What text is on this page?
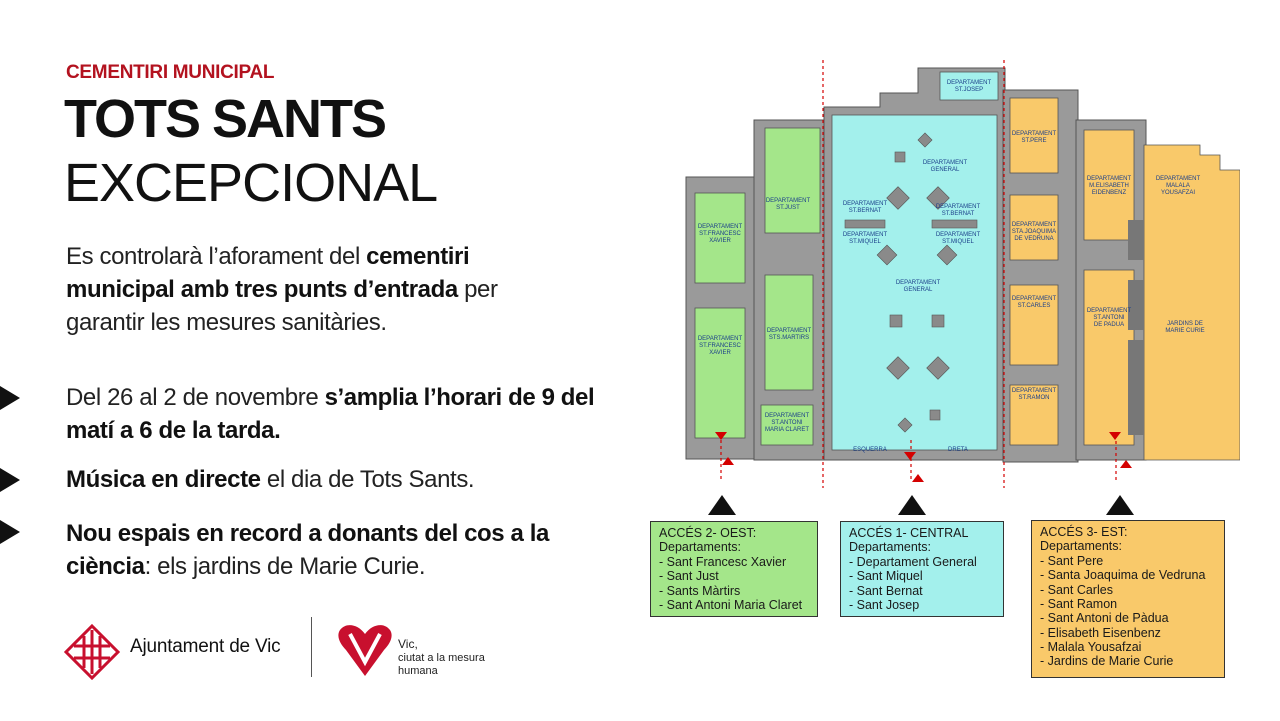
CEMENTIRI MUNICIPAL
TOTS SANTS
EXCEPCIONAL
Es controlarà l’aforament del cementiri municipal amb tres punts d’entrada per garantir les mesures sanitàries.
Del 26 al 2 de novembre s’amplia l’horari de 9 del matí a 6 de la tarda.
Música en directe el dia de Tots Sants.
Nou espais en record a donants del cos a la ciència: els jardins de Marie Curie.
DEPARTAMENT ST.JOSEP
DEPARTAMENT ST.PERE
DEPARTAMENT GENERAL
DEPARTAMENT GENERAL
DEPARTAMENT ST.JUST
DEPARTAMENT ST.BERNAT
DEPARTAMENT ST.BERNAT
DEPARTAMENT ST.MIQUEL
DEPARTAMENT ST.MIQUEL
DEPARTAMENT ST.FRANCESC XAVIER
DEPARTAMENT ST.FRANCESC XAVIER
DEPARTAMENT STS.MARTIRS
DEPARTAMENT ST.ANTONI MARIA CLARET
DEPARTAMENT STA.JOAQUIMA DE VEDRUNA
DEPARTAMENT ST.CARLES
DEPARTAMENT ST.RAMON
DEPARTAMENT M.ELISABETH EIDENBENZ
DEPARTAMENT MALALA YOUSAFZAI
DEPARTAMENT ST.ANTONI DE PADUA	JARDINS DE MARIE CURIE
ESQUERRA	DRETA
ACCÉS 2- OEST:
Departaments:
- Sant Francesc Xavier
- Sant Just
- Sants Màrtirs
- Sant Antoni Maria Claret
ACCÉS 1- CENTRAL
Departaments:
- Departament General
- Sant Miquel
- Sant Bernat
- Sant Josep
ACCÉS 3- EST:
Departaments:
- Sant Pere
- Santa Joaquima de Vedruna
- Sant Carles
- Sant Ramon
- Sant Antoni de Pàdua
- Elisabeth Eisenbenz
- Malala Yousafzai
- Jardins de Marie Curie
Ajuntament de Vic	Vic,
ciutat a la mesura humana
